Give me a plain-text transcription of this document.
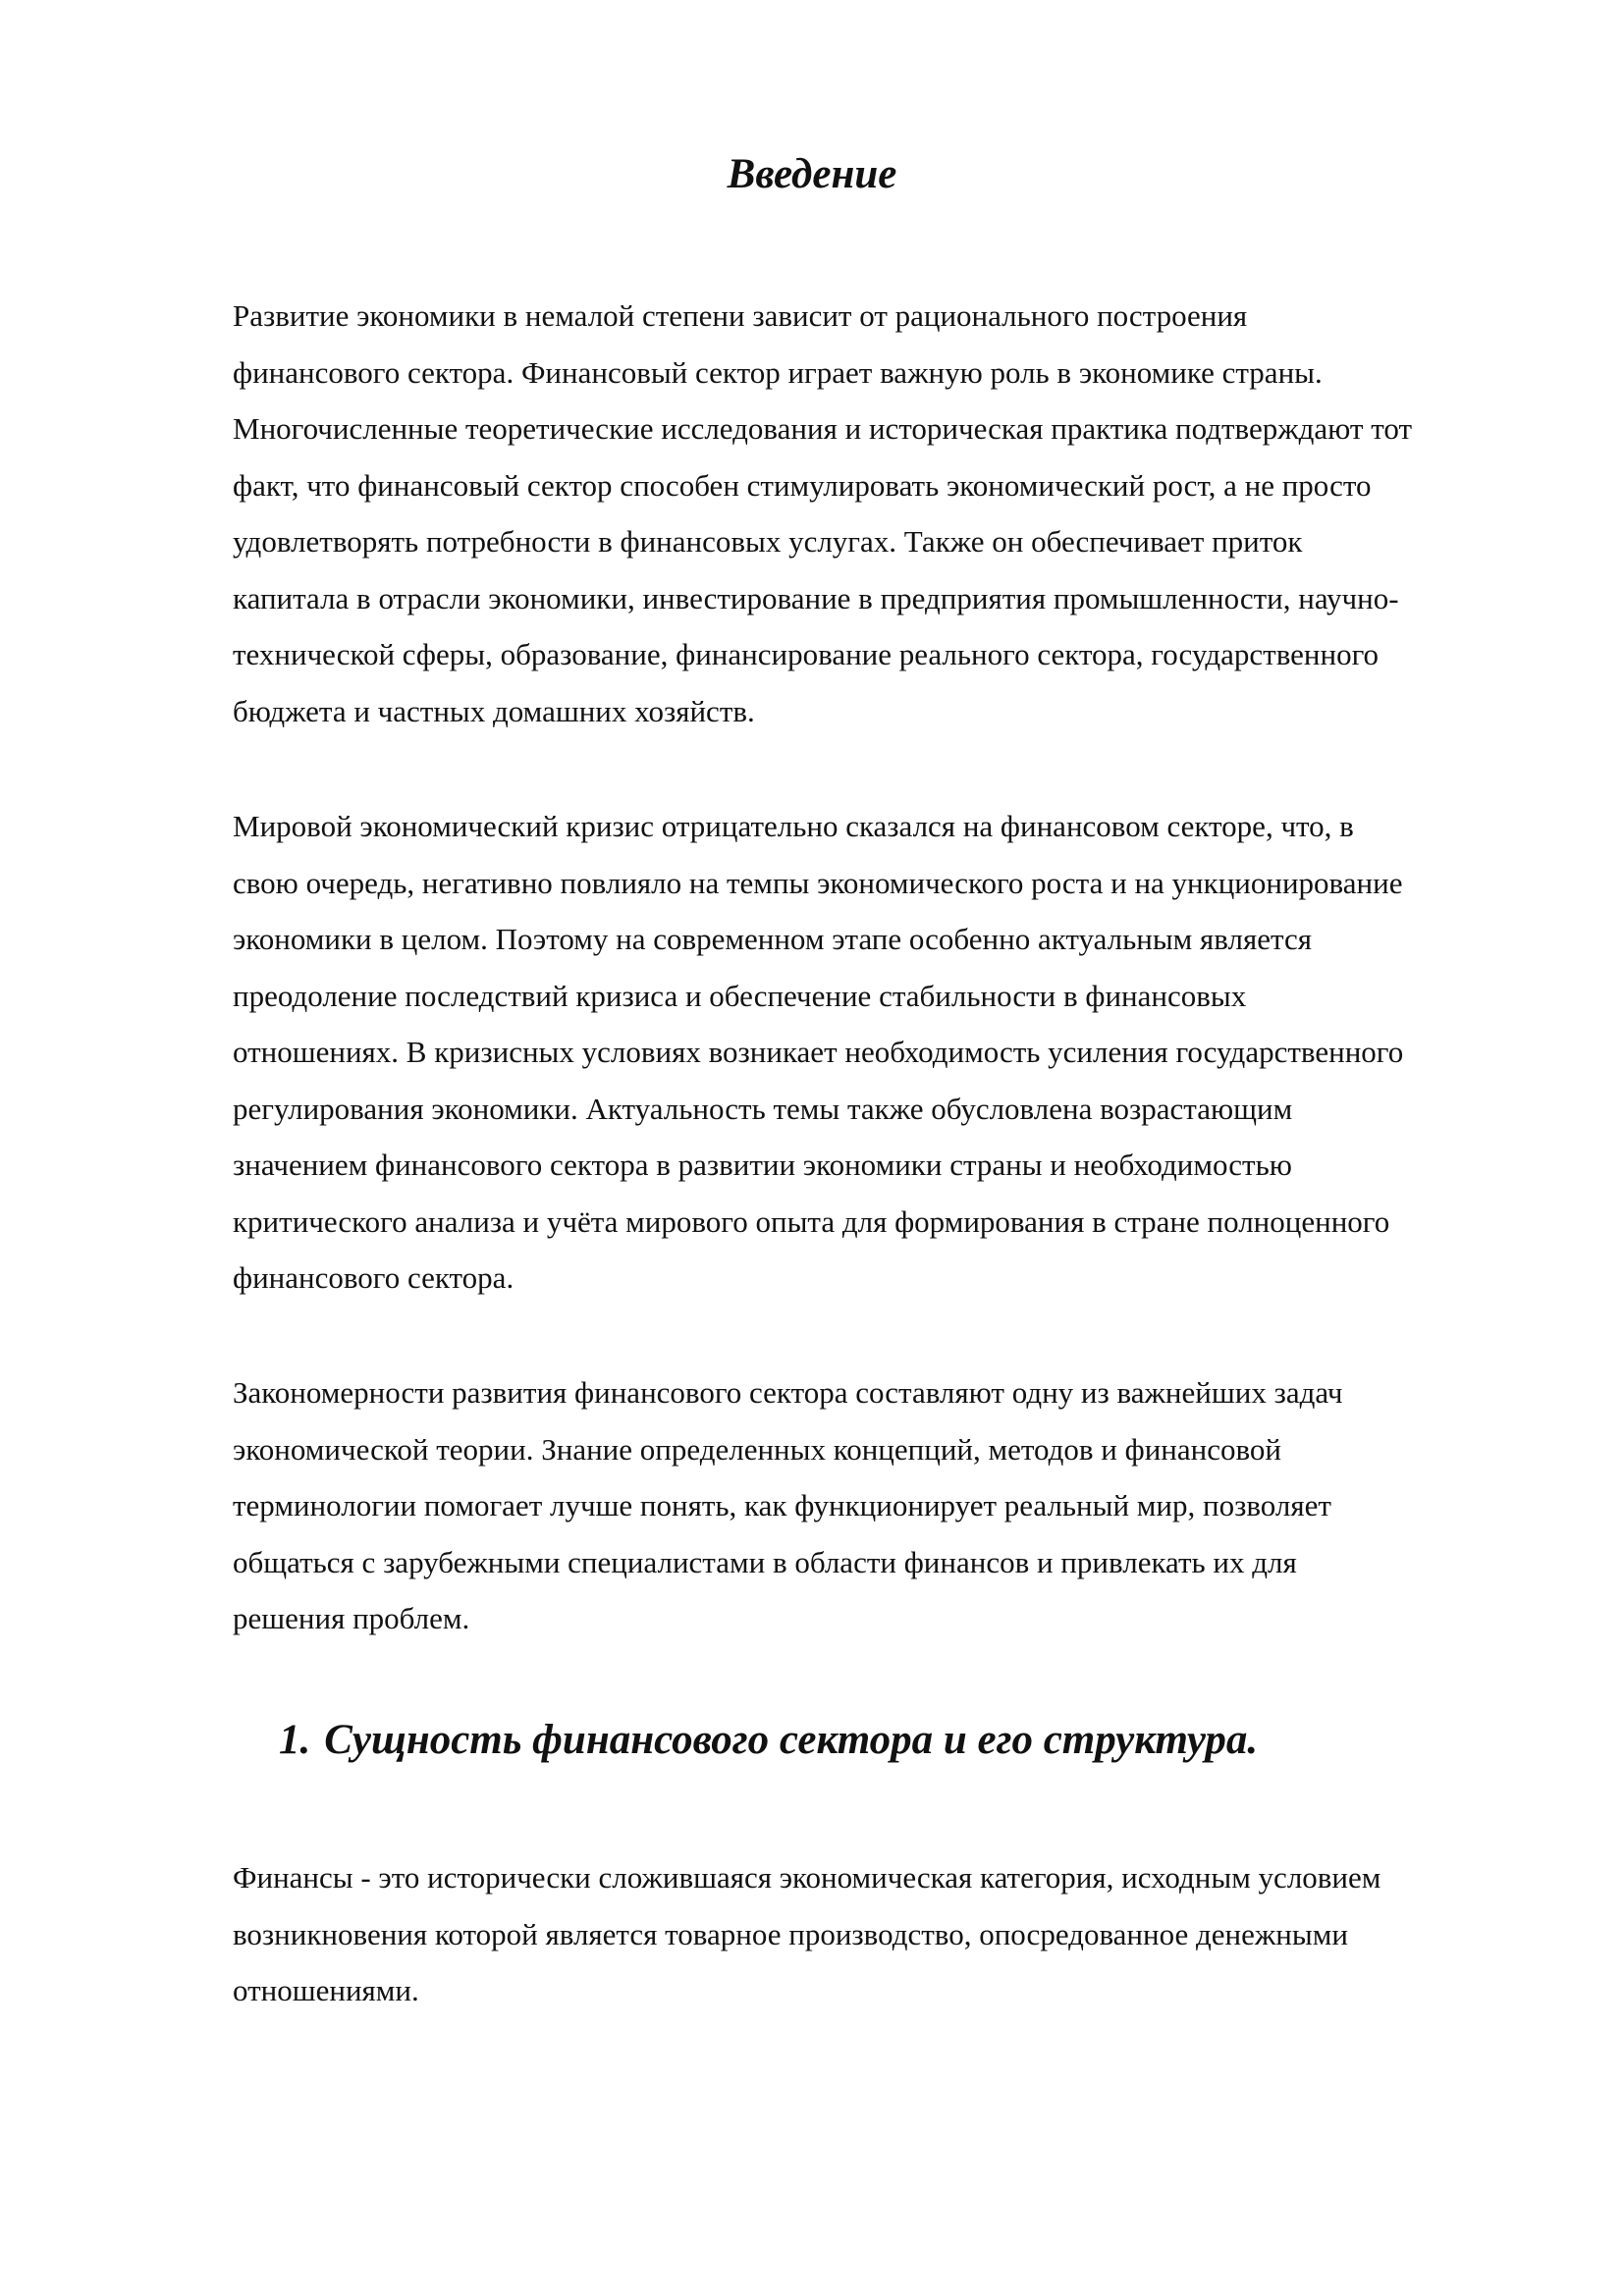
Введение

Развитие экономики в немалой степени зависит от рационального построения
финансового сектора. Финансовый сектор играет важную роль в экономике страны.
Многочисленные теоретические исследования и историческая практика подтверждают тот
факт, что финансовый сектор способен стимулировать экономический рост, а не просто
удовлетворять потребности в финансовых услугах. Также он обеспечивает приток
капитала в отрасли экономики, инвестирование в предприятия промышленности, научно-
технической сферы, образование, финансирование реального сектора, государственного
бюджета и частных домашних хозяйств.

Мировой экономический кризис отрицательно сказался на финансовом секторе, что, в
свою очередь, негативно повлияло на темпы экономического роста и на ункционирование
экономики в целом. Поэтому на современном этапе особенно актуальным является
преодоление последствий кризиса и обеспечение стабильности в финансовых
отношениях. В кризисных условиях возникает необходимость усиления государственного
регулирования экономики. Актуальность темы также обусловлена возрастающим
значением финансового сектора в развитии экономики страны и необходимостью
критического анализа и учёта мирового опыта для формирования в стране полноценного
финансового сектора.

Закономерности развития финансового сектора составляют одну из важнейших задач
экономической теории. Знание определенных концепций, методов и финансовой
терминологии помогает лучше понять, как функционирует реальный мир, позволяет
общаться с зарубежными специалистами в области финансов и привлекать их для
решения проблем.

1. Сущность финансового сектора и его структура.

Финансы - это исторически сложившаяся экономическая категория, исходным условием
возникновения которой является товарное производство, опосредованное денежными
отношениями.
